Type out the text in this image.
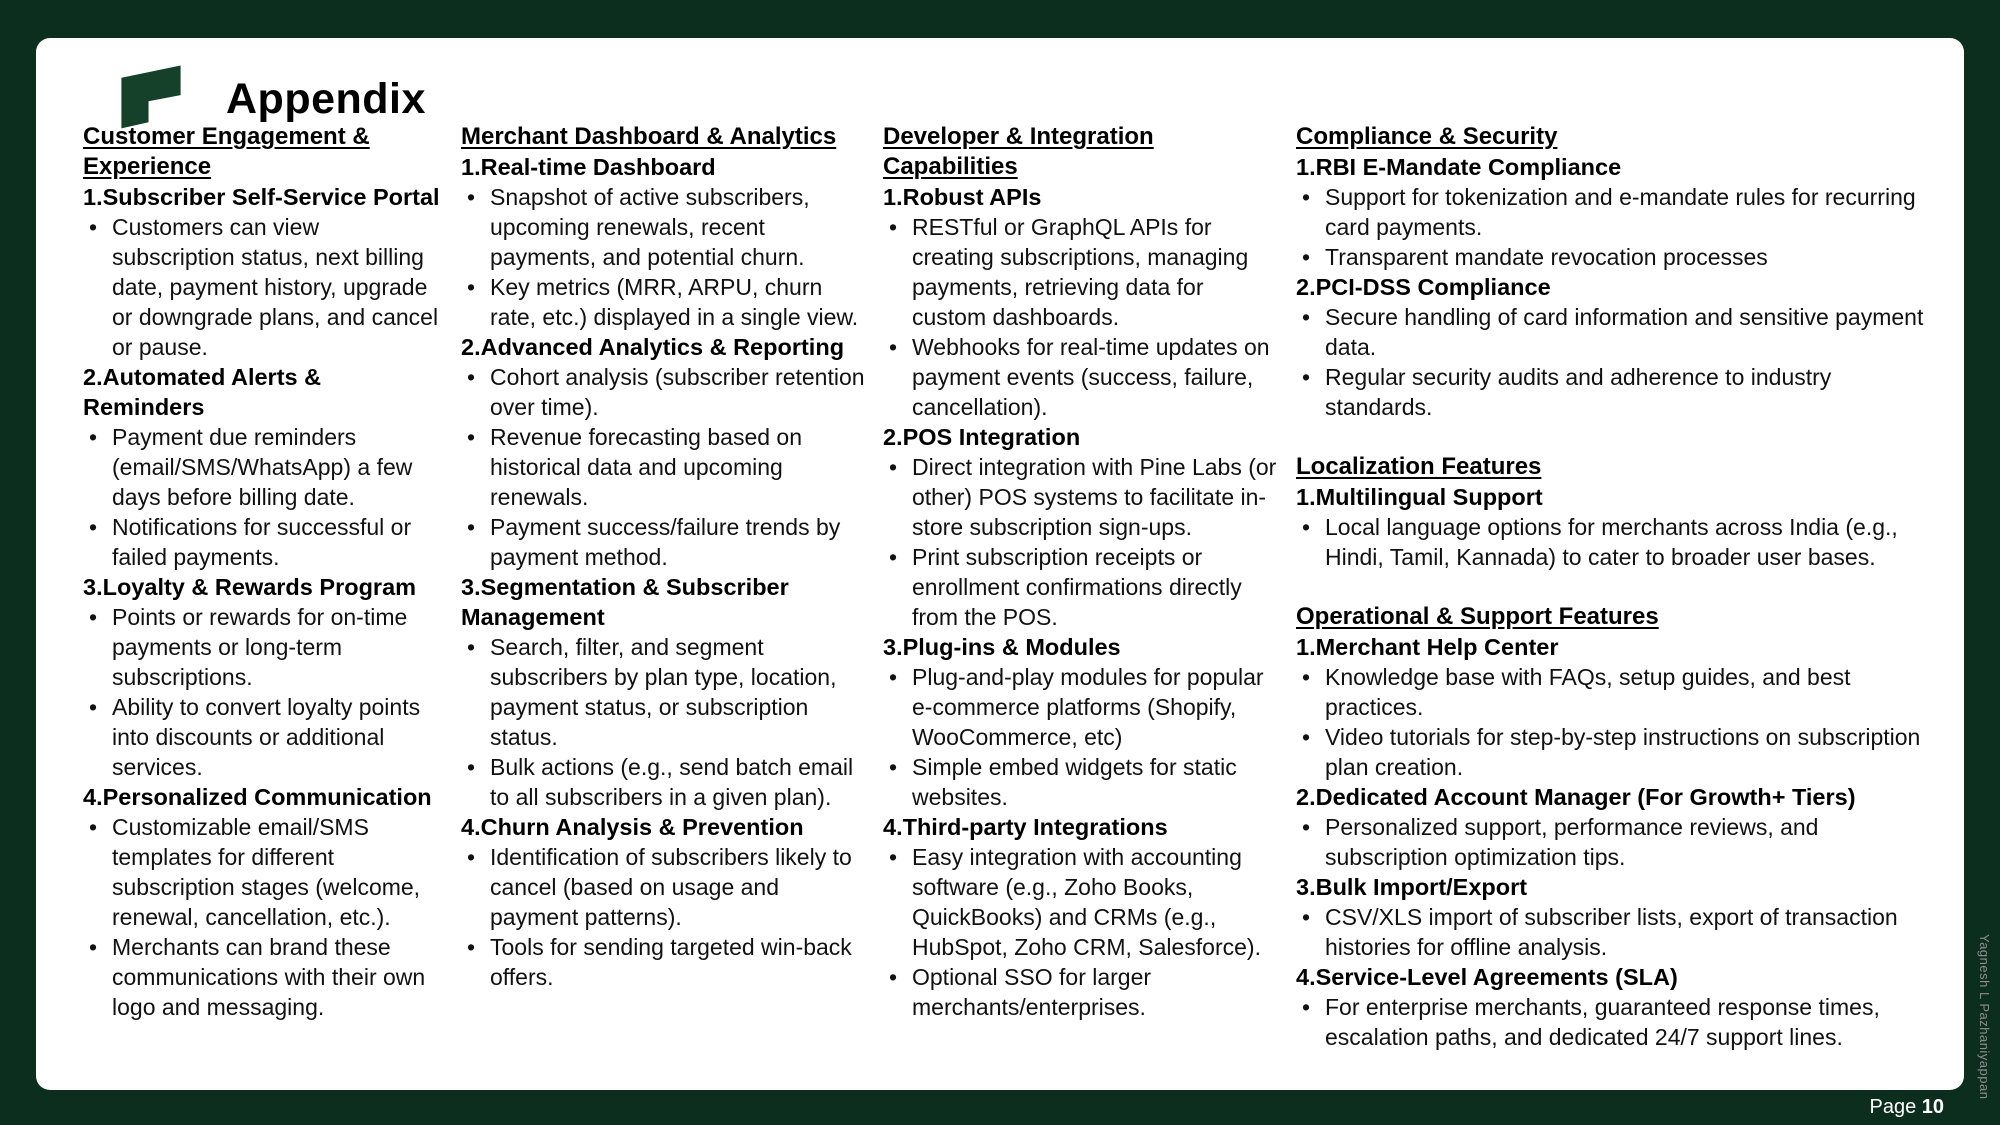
Appendix
Customer Engagement & Experience
1.Subscriber Self-Service Portal
• Customers can view subscription status, next billing date, payment history, upgrade or downgrade plans, and cancel or pause.
2.Automated Alerts & Reminders
• Payment due reminders (email/SMS/WhatsApp) a few days before billing date.
• Notifications for successful or failed payments.
3.Loyalty & Rewards Program
• Points or rewards for on-time payments or long-term subscriptions.
• Ability to convert loyalty points into discounts or additional services.
4.Personalized Communication
• Customizable email/SMS templates for different subscription stages (welcome, renewal, cancellation, etc.).
• Merchants can brand these communications with their own logo and messaging.
Merchant Dashboard & Analytics
1.Real-time Dashboard
• Snapshot of active subscribers, upcoming renewals, recent payments, and potential churn.
• Key metrics (MRR, ARPU, churn rate, etc.) displayed in a single view.
2.Advanced Analytics & Reporting
• Cohort analysis (subscriber retention over time).
• Revenue forecasting based on historical data and upcoming renewals.
• Payment success/failure trends by payment method.
3.Segmentation & Subscriber Management
• Search, filter, and segment subscribers by plan type, location, payment status, or subscription status.
• Bulk actions (e.g., send batch email to all subscribers in a given plan).
4.Churn Analysis & Prevention
• Identification of subscribers likely to cancel (based on usage and payment patterns).
• Tools for sending targeted win-back offers.
Developer & Integration Capabilities
1.Robust APIs
• RESTful or GraphQL APIs for creating subscriptions, managing payments, retrieving data for custom dashboards.
• Webhooks for real-time updates on payment events (success, failure, cancellation).
2.POS Integration
• Direct integration with Pine Labs (or other) POS systems to facilitate in-store subscription sign-ups.
• Print subscription receipts or enrollment confirmations directly from the POS.
3.Plug-ins & Modules
• Plug-and-play modules for popular e-commerce platforms (Shopify, WooCommerce, etc)
• Simple embed widgets for static websites.
4.Third-party Integrations
• Easy integration with accounting software (e.g., Zoho Books, QuickBooks) and CRMs (e.g., HubSpot, Zoho CRM, Salesforce).
• Optional SSO for larger merchants/enterprises.
Compliance & Security
1.RBI E-Mandate Compliance
• Support for tokenization and e-mandate rules for recurring card payments.
• Transparent mandate revocation processes
2.PCI-DSS Compliance
• Secure handling of card information and sensitive payment data.
• Regular security audits and adherence to industry standards.
Localization Features
1.Multilingual Support
• Local language options for merchants across India (e.g., Hindi, Tamil, Kannada) to cater to broader user bases.
Operational & Support Features
1.Merchant Help Center
• Knowledge base with FAQs, setup guides, and best practices.
• Video tutorials for step-by-step instructions on subscription plan creation.
2.Dedicated Account Manager (For Growth+ Tiers)
• Personalized support, performance reviews, and subscription optimization tips.
3.Bulk Import/Export
• CSV/XLS import of subscriber lists, export of transaction histories for offline analysis.
4.Service-Level Agreements (SLA)
• For enterprise merchants, guaranteed response times, escalation paths, and dedicated 24/7 support lines.
Page 10
Yagnesh L Pazhaniyappan
